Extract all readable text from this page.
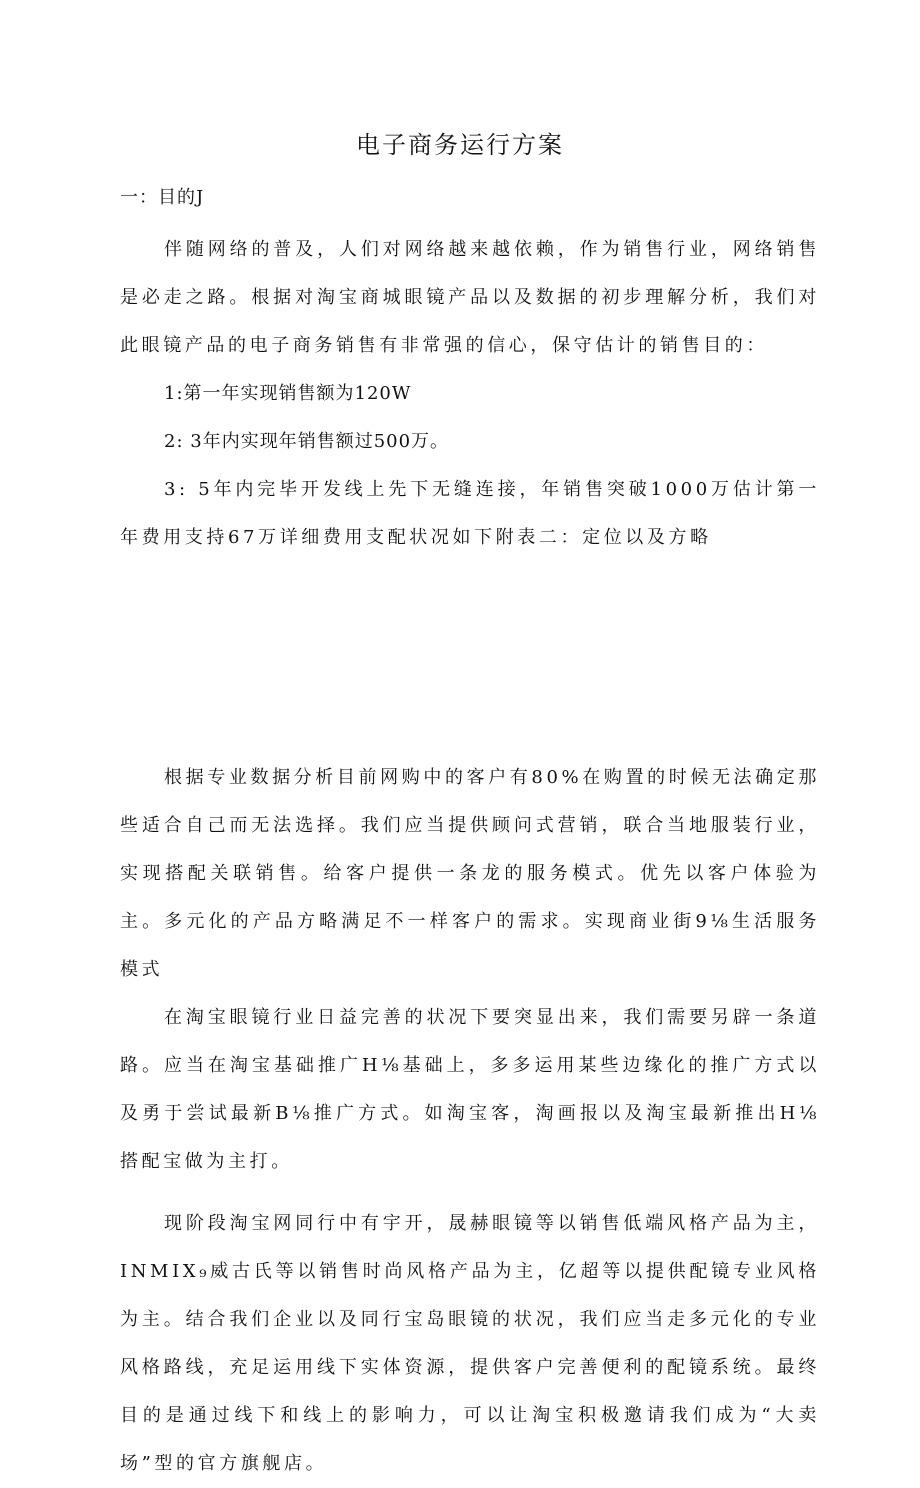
电子商务运行方案

一：目的J

伴随网络的普及，人们对网络越来越依赖，作为销售行业，网络销售是必走之路。根据对淘宝商城眼镜产品以及数据的初步理解分析，我们对此眼镜产品的电子商务销售有非常强的信心，保守估计的销售目的：

1:第一年实现销售额为120W

2: 3年内实现年销售额过500万。

3: 5年内完毕开发线上先下无缝连接，年销售突破1000万估计第一年费用支持67万详细费用支配状况如下附表二：定位以及方略

根据专业数据分析目前网购中的客户有80%在购置的时候无法确定那些适合自己而无法选择。我们应当提供顾问式营销，联合当地服装行业，实现搭配关联销售。给客户提供一条龙的服务模式。优先以客户体验为主。多元化的产品方略满足不一样客户的需求。实现商业街9⅛生活服务模式

在淘宝眼镜行业日益完善的状况下要突显出来，我们需要另辟一条道路。应当在淘宝基础推广H⅛基础上，多多运用某些边缘化的推广方式以及勇于尝试最新B⅛推广方式。如淘宝客，淘画报以及淘宝最新推出H⅛搭配宝做为主打。

现阶段淘宝网同行中有宇开，晟赫眼镜等以销售低端风格产品为主，INMIX₉威古氏等以销售时尚风格产品为主，亿超等以提供配镜专业风格为主。结合我们企业以及同行宝岛眼镜的状况，我们应当走多元化的专业风格路线，充足运用线下实体资源，提供客户完善便利的配镜系统。最终目的是通过线下和线上的影响力，可以让淘宝积极邀请我们成为“大卖场”型的官方旗舰店。
